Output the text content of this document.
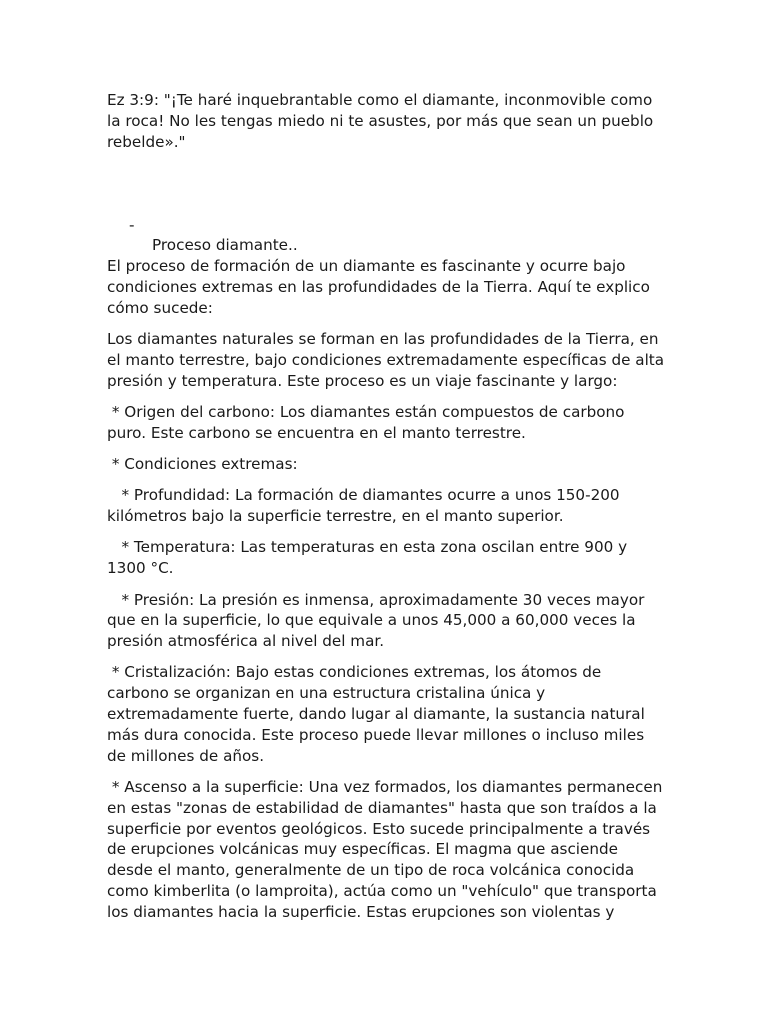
Ez 3:9: "¡Te haré inquebrantable como el diamante, inconmovible como
la roca! No les tengas miedo ni te asustes, por más que sean un pueblo
rebelde»."

-

Proceso diamante..

El proceso de formación de un diamante es fascinante y ocurre bajo
condiciones extremas en las profundidades de la Tierra. Aquí te explico
cómo sucede:
Los diamantes naturales se forman en las profundidades de la Tierra, en
el manto terrestre, bajo condiciones extremadamente específicas de alta
presión y temperatura. Este proceso es un viaje fascinante y largo:
* Origen del carbono: Los diamantes están compuestos de carbono
puro. Este carbono se encuentra en el manto terrestre.
* Condiciones extremas:
* Profundidad: La formación de diamantes ocurre a unos 150-200
kilómetros bajo la superficie terrestre, en el manto superior.
* Temperatura: Las temperaturas en esta zona oscilan entre 900 y
1300 °C.
* Presión: La presión es inmensa, aproximadamente 30 veces mayor
que en la superficie, lo que equivale a unos 45,000 a 60,000 veces la
presión atmosférica al nivel del mar.
* Cristalización: Bajo estas condiciones extremas, los átomos de
carbono se organizan en una estructura cristalina única y
extremadamente fuerte, dando lugar al diamante, la sustancia natural
más dura conocida. Este proceso puede llevar millones o incluso miles
de millones de años.
* Ascenso a la superficie: Una vez formados, los diamantes permanecen
en estas "zonas de estabilidad de diamantes" hasta que son traídos a la
superficie por eventos geológicos. Esto sucede principalmente a través
de erupciones volcánicas muy específicas. El magma que asciende
desde el manto, generalmente de un tipo de roca volcánica conocida
como kimberlita (o lamproita), actúa como un "vehículo" que transporta
los diamantes hacia la superficie. Estas erupciones son violentas y
